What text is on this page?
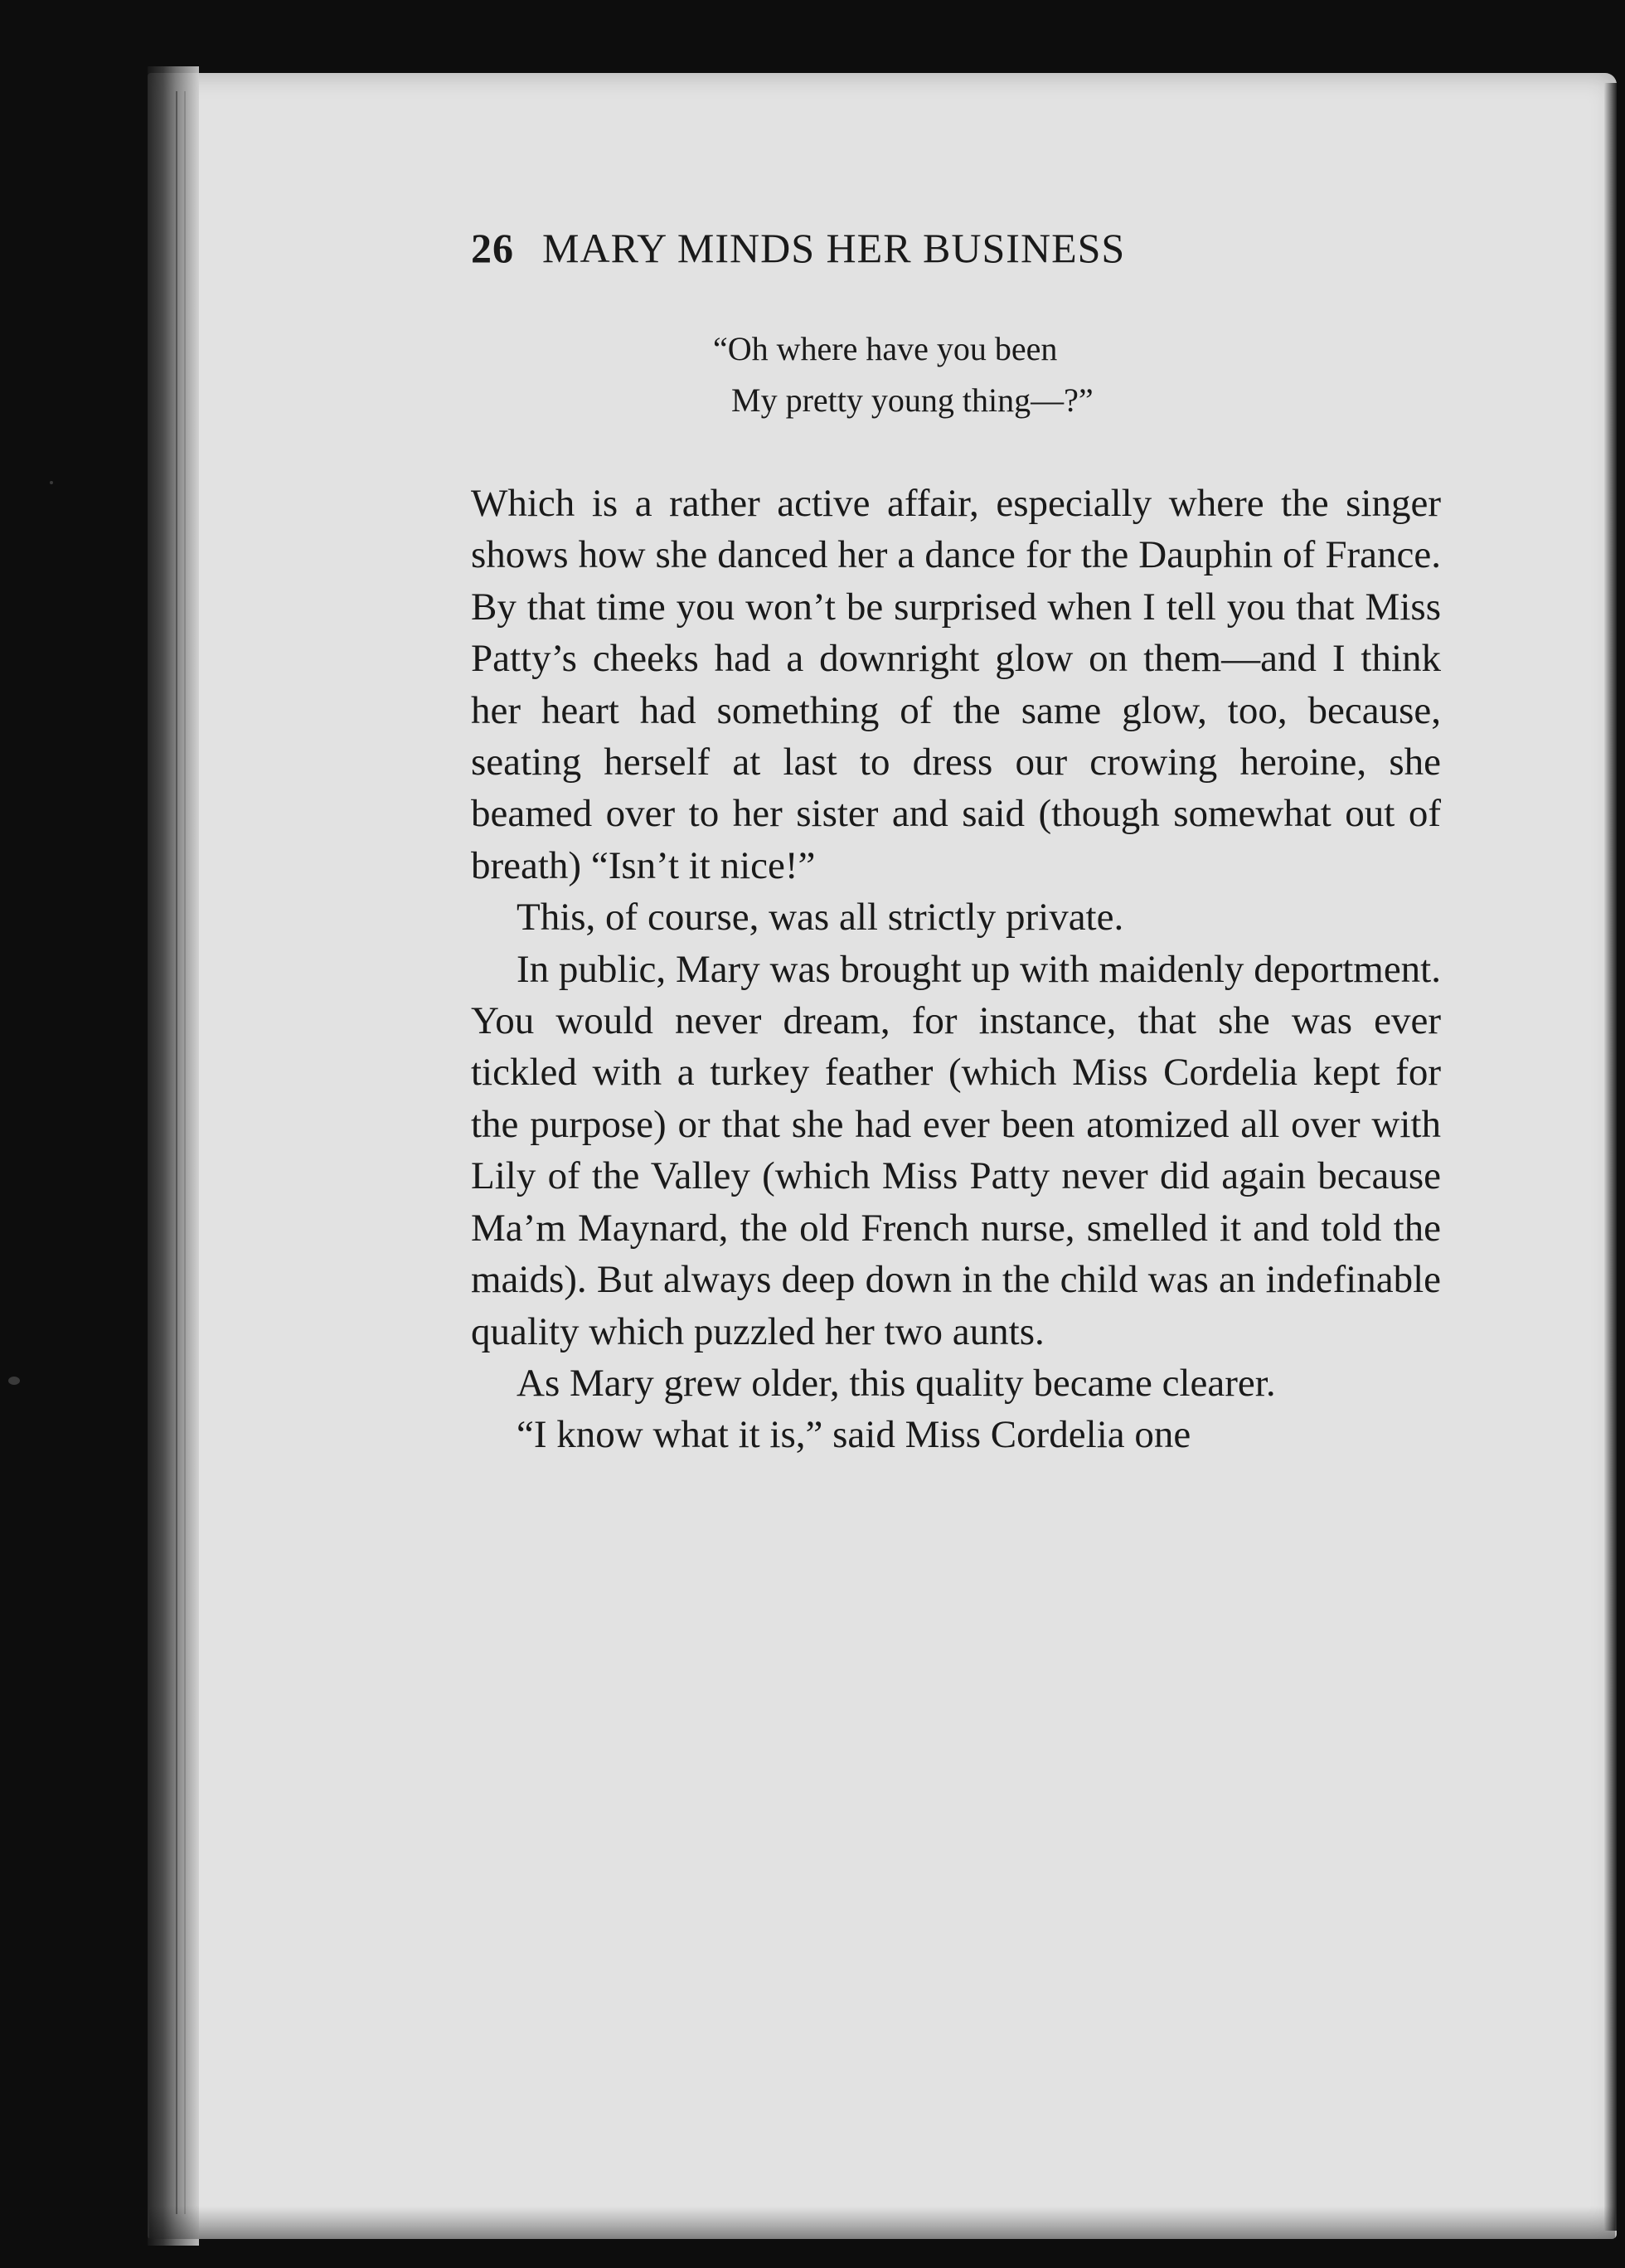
26 MARY MINDS HER BUSINESS
“Oh where have you been
My pretty young thing—?”

Which is a rather active affair, especially where the singer shows how she danced her a dance for the Dauphin of France. By that time you won’t be surprised when I tell you that Miss Patty’s cheeks had a downright glow on them—and I think her heart had something of the same glow, too, because, seating herself at last to dress our crowing heroine, she beamed over to her sister and said (though somewhat out of breath) “Isn’t it nice!”

This, of course, was all strictly private.

In public, Mary was brought up with maidenly deportment. You would never dream, for instance, that she was ever tickled with a turkey feather (which Miss Cordelia kept for the purpose) or that she had ever been atomized all over with Lily of the Valley (which Miss Patty never did again because Ma’m Maynard, the old French nurse, smelled it and told the maids). But always deep down in the child was an indefinable quality which puzzled her two aunts.

As Mary grew older, this quality became clearer.

“I know what it is,” said Miss Cordelia one
